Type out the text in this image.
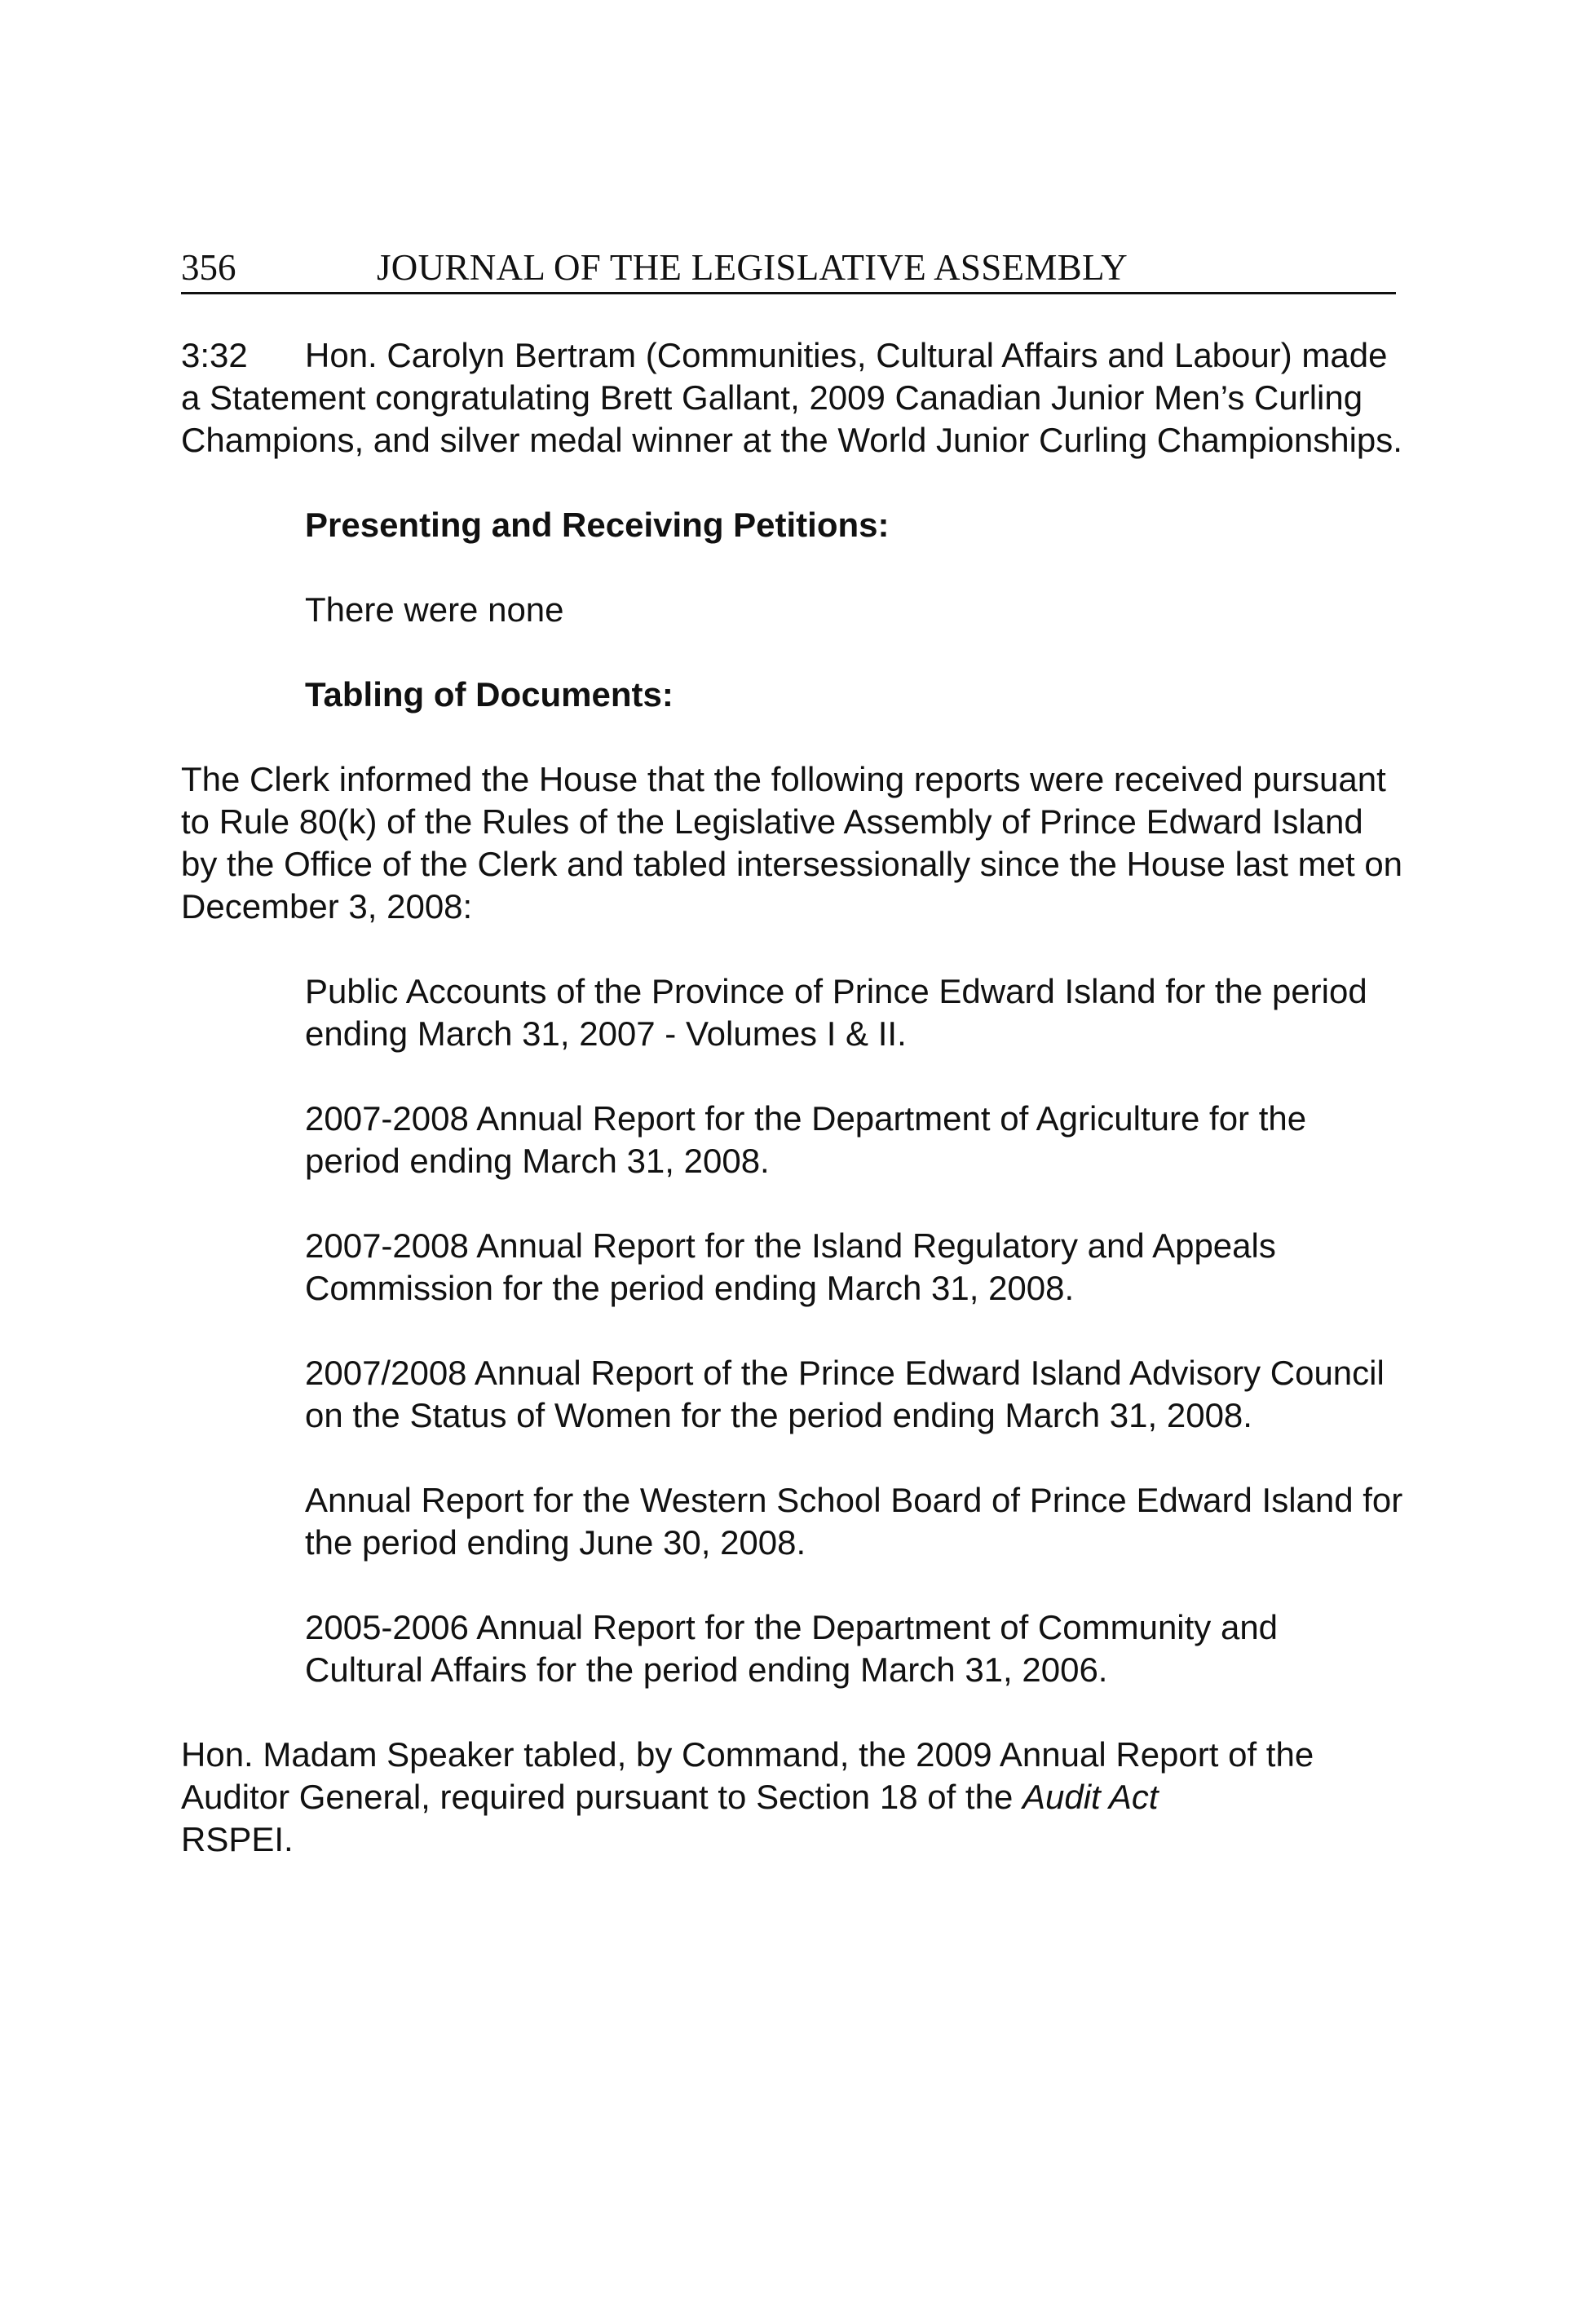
356	JOURNAL OF THE LEGISLATIVE ASSEMBLY

3:32 Hon. Carolyn Bertram (Communities, Cultural Affairs and Labour) made a Statement congratulating Brett Gallant, 2009 Canadian Junior Men’s Curling Champions, and silver medal winner at the World Junior Curling Championships.

Presenting and Receiving Petitions:

There were none

Tabling of Documents:

The Clerk informed the House that the following reports were received pursuant to Rule 80(k) of the Rules of the Legislative Assembly of Prince Edward Island by the Office of the Clerk and tabled intersessionally since the House last met on December 3, 2008:

Public Accounts of the Province of Prince Edward Island for the period ending March 31, 2007 - Volumes I & II.

2007-2008 Annual Report for the Department of Agriculture for the period ending March 31, 2008.

2007-2008 Annual Report for the Island Regulatory and Appeals Commission for the period ending March 31, 2008.

2007/2008 Annual Report of the Prince Edward Island Advisory Council on the Status of Women for the period ending March 31, 2008.

Annual Report for the Western School Board of Prince Edward Island for the period ending June 30, 2008.

2005-2006 Annual Report for the Department of Community and Cultural Affairs for the period ending March 31, 2006.

Hon. Madam Speaker tabled, by Command, the 2009 Annual Report of the Auditor General, required pursuant to Section 18 of the Audit Act
RSPEI.
